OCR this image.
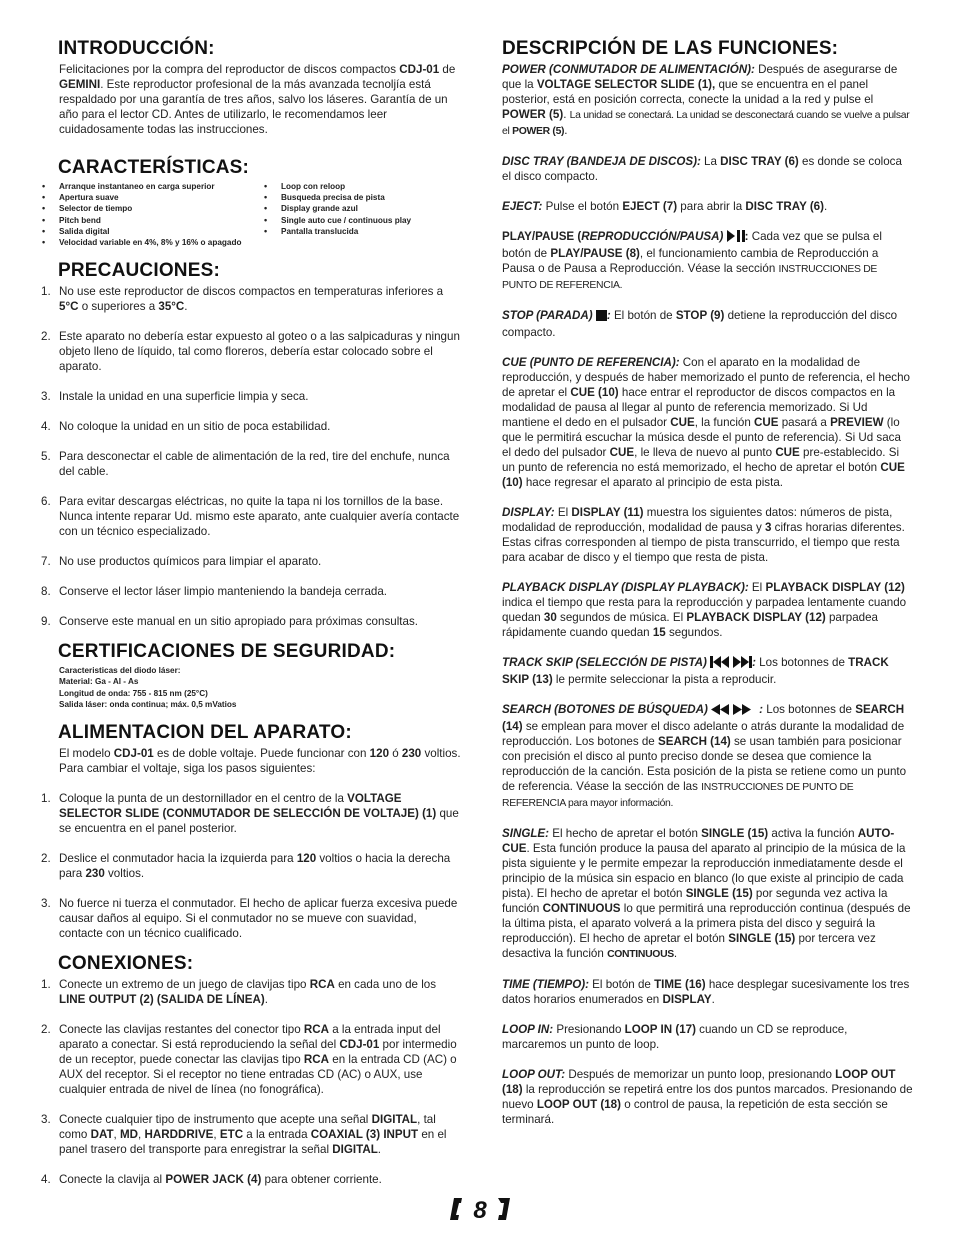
INTRODUCCIÓN:

Felicitaciones por la compra del reproductor de discos compactos CDJ-01 de GEMINI. Este reproductor profesional de la más avanzada tecnoljía está respaldado por una garantía de tres años, salvo los láseres. Garantía de un año para el lector CD. Antes de utilizarlo, le recomendamos leer cuidadosamente todas las instrucciones.

CARACTERÍSTICAS:
• Arranque instantaneo en carga superior
• Apertura suave
• Selector de tiempo
• Pitch bend
• Salida digital
• Velocidad variable en 4%, 8% y 16% o apagado
• Loop con reloop
• Busqueda precisa de pista
• Display grande azul
• Single auto cue / continuous play
• Pantalla translucida
PRECAUCIONES:
1. No use este reproductor de discos compactos en temperaturas inferiores a 5°C o superiores a 35°C.
2. Este aparato no debería estar expuesto al goteo o a las salpicaduras y ningun objeto lleno de líquido, tal como floreros, debería estar colocado sobre el aparato.
3. Instale la unidad en una superficie limpia y seca.
4. No coloque la unidad en un sitio de poca estabilidad.
5. Para desconectar el cable de alimentación de la red, tire del enchufe, nunca del cable.
6. Para evitar descargas eléctricas, no quite la tapa ni los tornillos de la base. Nunca intente reparar Ud. mismo este aparato, ante cualquier avería contacte con un técnico especializado.
7. No use productos químicos para limpiar el aparato.
8. Conserve el lector láser limpio manteniendo la bandeja cerrada.
9. Conserve este manual en un sitio apropiado para próximas consultas.
CERTIFICACIONES DE SEGURIDAD:
Caracteristicas del diodo láser:
Material: Ga - Al - As
Longitud de onda: 755 - 815 nm (25°C)
Salida láser: onda continua; máx. 0,5 mVatios
ALIMENTACION DEL APARATO:

El modelo CDJ-01 es de doble voltaje. Puede funcionar con 120 ó 230 voltios. Para cambiar el voltaje, siga los pasos siguientes:

1. Coloque la punta de un destornillador en el centro de la VOLTAGE SELECTOR SLIDE (CONMUTADOR DE SELECCIÓN DE VOLTAJE) (1) que se encuentra en el panel posterior.
2. Deslice el conmutador hacia la izquierda para 120 voltios o hacia la derecha para 230 voltios.
3. No fuerce ni tuerza el conmutador. El hecho de aplicar fuerza excesiva puede causar daños al equipo. Si el conmutador no se mueve con suavidad, contacte con un técnico cualificado.
CONEXIONES:
1. Conecte un extremo de un juego de clavijas tipo RCA en cada uno de los LINE OUTPUT (2) (SALIDA DE LÍNEA).
2. Conecte las clavijas restantes del conector tipo RCA a la entrada input del aparato a conectar. Si está reproduciendo la señal del CDJ-01 por intermedio de un receptor, puede conectar las clavijas tipo RCA en la entrada CD (AC) o AUX del receptor. Si el receptor no tiene entradas CD (AC) o AUX, use cualquier entrada de nivel de línea (no fonográfica).
3. Conecte cualquier tipo de instrumento que acepte una señal DIGITAL, tal como DAT, MD, HARDDRIVE, ETC a la entrada COAXIAL (3) INPUT en el panel trasero del transporte para enregistrar la señal DIGITAL.
4. Conecte la clavija al POWER JACK (4) para obtener corriente.
DESCRIPCIÓN DE LAS FUNCIONES:

POWER (CONMUTADOR DE ALIMENTACIÓN): Después de asegurarse de que la VOLTAGE SELECTOR SLIDE (1), que se encuentra en el panel posterior, está en posición correcta, conecte la unidad a la red y pulse el POWER (5). La unidad se conectará. La unidad se desconectará cuando se vuelve a pulsar el POWER (5).

DISC TRAY (BANDEJA DE DISCOS): La DISC TRAY (6) es donde se coloca el disco compacto.

EJECT: Pulse el botón EJECT (7) para abrir la DISC TRAY (6).

PLAY/PAUSE (REPRODUCCIÓN/PAUSA) : Cada vez que se pulsa el botón de PLAY/PAUSE (8), el funcionamiento cambia de Reproducción a Pausa o de Pausa a Reproducción. Véase la sección INSTRUCCIONES DE PUNTO DE REFERENCIA.

STOP (PARADA) : El botón de STOP (9) detiene la reproducción del disco compacto.

CUE (PUNTO DE REFERENCIA): Con el aparato en la modalidad de reproducción, y después de haber memorizado el punto de referencia, el hecho de apretar el CUE (10) hace entrar el reproductor de discos compactos en la modalidad de pausa al llegar al punto de referencia memorizado. Si Ud mantiene el dedo en el pulsador CUE, la función CUE pasará a PREVIEW (lo que le permitirá escuchar la música desde el punto de referencia). Si Ud saca el dedo del pulsador CUE, le lleva de nuevo al punto CUE pre-establecido. Si un punto de referencia no está memorizado, el hecho de apretar el botón CUE (10) hace regresar el aparato al principio de esta pista.

DISPLAY: El DISPLAY (11) muestra los siguientes datos: números de pista, modalidad de reproducción, modalidad de pausa y 3 cifras horarias diferentes. Estas cifras corresponden al tiempo de pista transcurrido, el tiempo que resta para acabar de disco y el tiempo que resta de pista.

PLAYBACK DISPLAY (DISPLAY PLAYBACK): El PLAYBACK DISPLAY (12) indica el tiempo que resta para la reproducción y parpadea lentamente cuando quedan 30 segundos de música. El PLAYBACK DISPLAY (12) parpadea rápidamente cuando quedan 15 segundos.

TRACK SKIP (SELECCIÓN DE PISTA)	: Los botonnes de TRACK SKIP (13) le permite seleccionar la pista a reproducir.

SEARCH (BOTONES DE BÚSQUEDA)	: Los botonnes de SEARCH (14) se emplean para mover el disco adelante o atrás durante la modalidad de reproducción. Los botones de SEARCH (14) se usan también para posicionar con precisión el disco al punto preciso donde se desea que comience la reproducción de la canción. Esta posición de la pista se retiene como un punto de referencia. Véase la sección de las INSTRUCCIONES DE PUNTO DE REFERENCIA para mayor información.

SINGLE: El hecho de apretar el botón SINGLE (15) activa la función AUTO-CUE. Esta función produce la pausa del aparato al principio de la música de la pista siguiente y le permite empezar la reproducción inmediatamente desde el principio de la música sin espacio en blanco (lo que existe al principio de cada pista). El hecho de apretar el botón SINGLE (15) por segunda vez activa la función CONTINUOUS lo que permitirá una reproducción continua (después de la última pista, el aparato volverá a la primera pista del disco y seguirá la reproducción). El hecho de apretar el botón SINGLE (15) por tercera vez desactiva la función CONTINUOUS.

TIME (TIEMPO): El botón de TIME (16) hace desplegar sucesivamente los tres datos horarios enumerados en DISPLAY.

LOOP IN: Presionando LOOP IN (17) cuando un CD se reproduce, marcaremos un punto de loop.

LOOP OUT: Después de memorizar un punto loop, presionando LOOP OUT (18) la reproducción se repetirá entre los dos puntos marcados. Presionando de nuevo LOOP OUT (18) o control de pausa, la repetición de esta sección se terminará.

8
